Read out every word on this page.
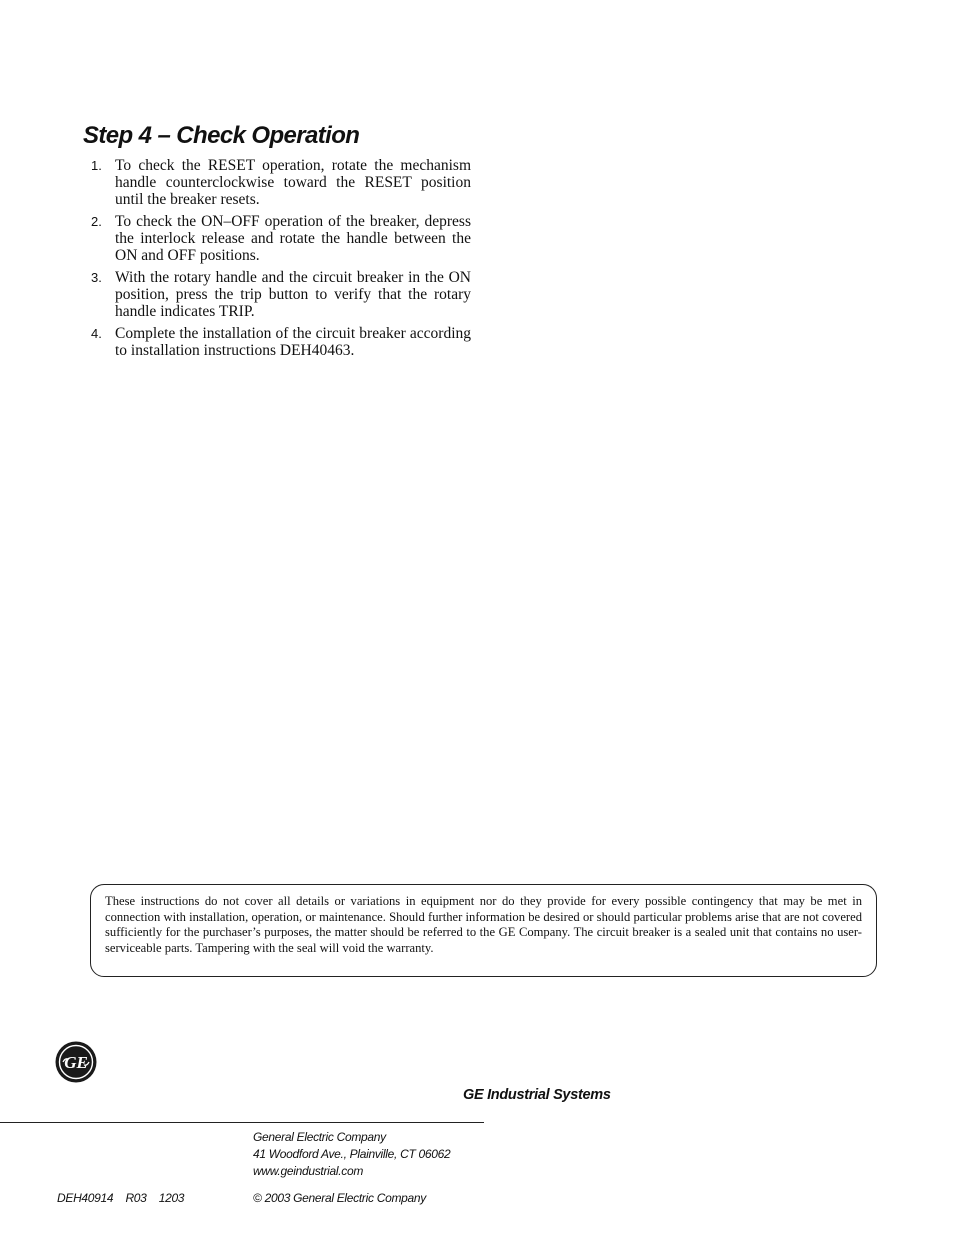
Step 4 – Check Operation
1. To check the RESET operation, rotate the mechanism handle counterclockwise toward the RESET position until the breaker resets.
2. To check the ON–OFF operation of the breaker, depress the interlock release and rotate the handle between the ON and OFF positions.
3. With the rotary handle and the circuit breaker in the ON position, press the trip button to verify that the rotary handle indicates TRIP.
4. Complete the installation of the circuit breaker according to installation instructions DEH40463.
These instructions do not cover all details or variations in equipment nor do they provide for every possible contingency that may be met in connection with installation, operation, or maintenance. Should further information be desired or should particular problems arise that are not covered sufficiently for the purchaser’s purposes, the matter should be referred to the GE Company. The circuit breaker is a sealed unit that contains no user-serviceable parts. Tampering with the seal will void the warranty.
GE
GE Industrial Systems
General Electric Company
41 Woodford Ave., Plainville, CT 06062
www.geindustrial.com
DEH40914    R03    1203	© 2003 General Electric Company
